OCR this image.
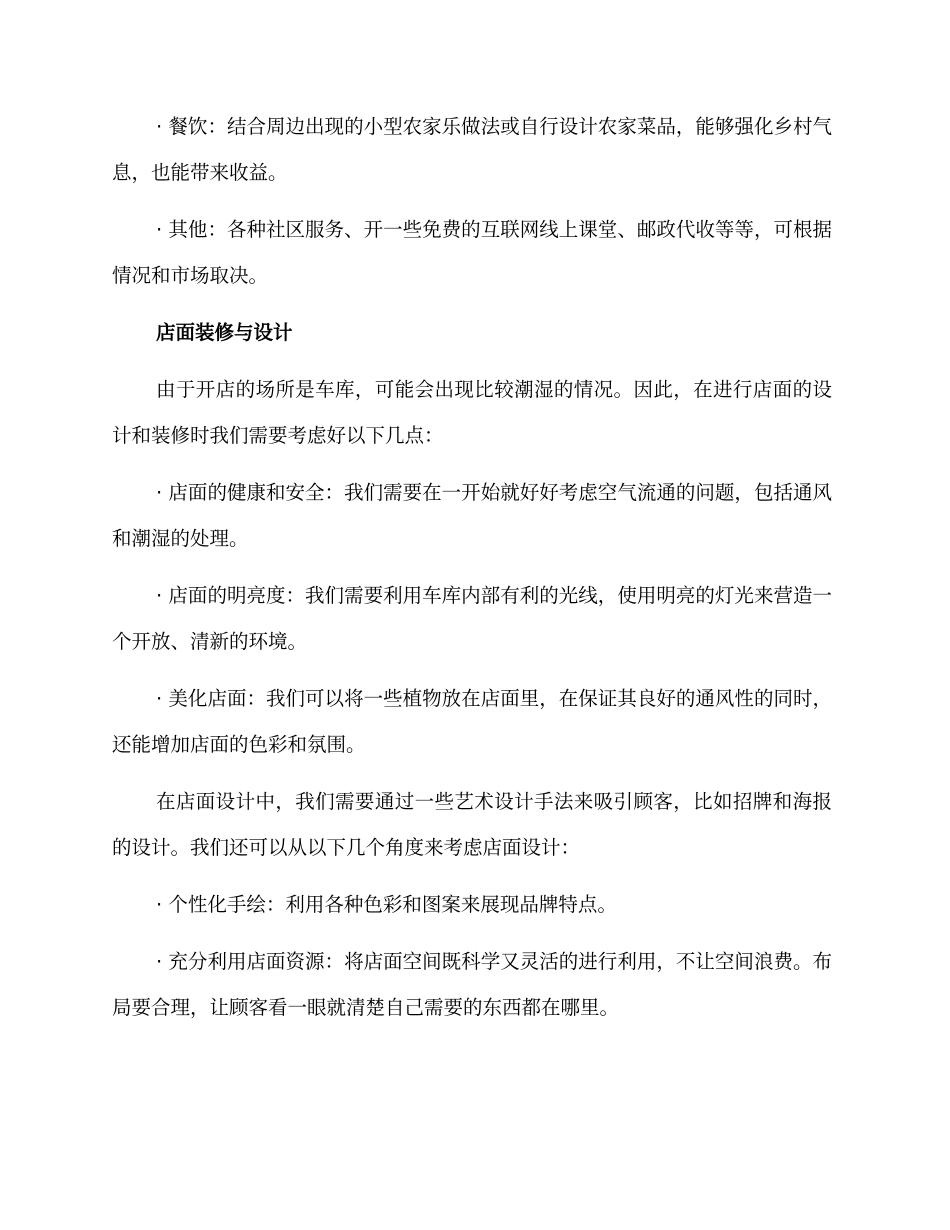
· 餐饮：结合周边出现的小型农家乐做法或自行设计农家菜品，能够强化乡村气息，也能带来收益。

· 其他：各种社区服务、开一些免费的互联网线上课堂、邮政代收等等，可根据情况和市场取决。

店面装修与设计

由于开店的场所是车库，可能会出现比较潮湿的情况。因此，在进行店面的设计和装修时我们需要考虑好以下几点：

· 店面的健康和安全：我们需要在一开始就好好考虑空气流通的问题，包括通风和潮湿的处理。

· 店面的明亮度：我们需要利用车库内部有利的光线，使用明亮的灯光来营造一个开放、清新的环境。

· 美化店面：我们可以将一些植物放在店面里，在保证其良好的通风性的同时，还能增加店面的色彩和氛围。

在店面设计中，我们需要通过一些艺术设计手法来吸引顾客，比如招牌和海报的设计。我们还可以从以下几个角度来考虑店面设计：

· 个性化手绘：利用各种色彩和图案来展现品牌特点。

· 充分利用店面资源：将店面空间既科学又灵活的进行利用，不让空间浪费。布局要合理，让顾客看一眼就清楚自己需要的东西都在哪里。
